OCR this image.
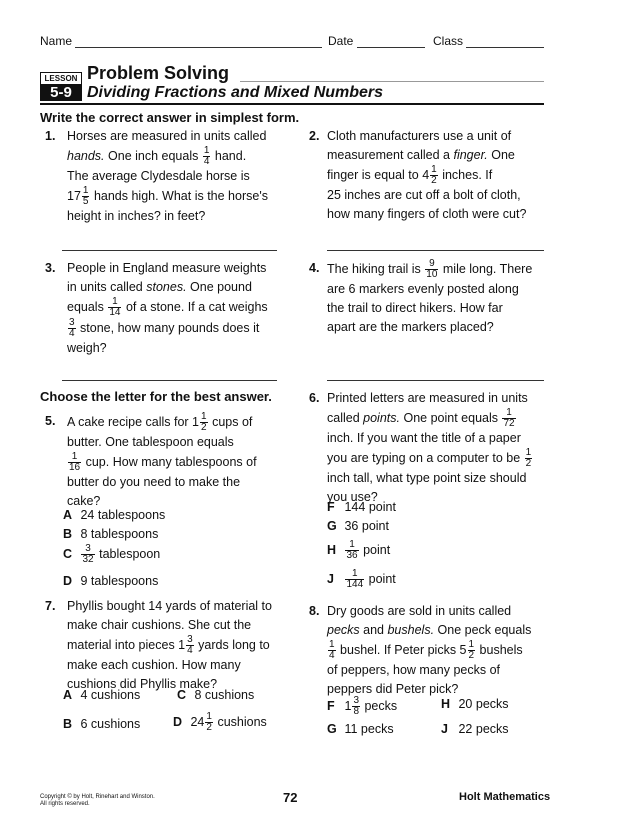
Name	Date	Class
LESSON
5-9
Problem Solving
Dividing Fractions and Mixed Numbers
Write the correct answer in simplest form.
1. Horses are measured in units called
hands. One inch equals $\frac{1}{4}$ hand.
The average Clydesdale horse is
$17 \frac{1}{5}$ hands high. What is the horse's
height in inches? in feet?
2. Cloth manufacturers use a unit of
measurement called a finger. One
finger is equal to $4 \frac{1}{2}$ inches. If
25 inches are cut off a bolt of cloth,
how many fingers of cloth were cut?
3. People in England measure weights
in units called stones. One pound
equals $\frac{1}{14}$ of a stone. If a cat weighs
$\frac{3}{4}$ stone, how many pounds does it
weigh?
4. The hiking trail is $\frac{9}{10}$ mile long. There
are 6 markers evenly posted along
the trail to direct hikers. How far
apart are the markers placed?
Choose the letter for the best answer.
5. A cake recipe calls for $1 \frac{1}{2}$ cups of
butter. One tablespoon equals
$\frac{1}{16}$ cup. How many tablespoons of
butter do you need to make the
cake?
A 24 tablespoons
B 8 tablespoons
C $\frac{3}{32}$ tablespoon
D 9 tablespoons
6. Printed letters are measured in units
called points. One point equals $\frac{1}{72}$
inch. If you want the title of a paper
you are typing on a computer to be $\frac{1}{2}$
inch tall, what type point size should
you use?
F 144 point
G 36 point
H $\frac{1}{36}$ point
J $\frac{1}{144}$ point
7. Phyllis bought 14 yards of material to
make chair cushions. She cut the
material into pieces $1 \frac{3}{4}$ yards long to
make each cushion. How many
cushions did Phyllis make?
A 4 cushions	C 8 cushions
B 6 cushions	D $24 \frac{1}{2}$ cushions
8. Dry goods are sold in units called
pecks and bushels. One peck equals
$\frac{1}{4}$ bushel. If Peter picks $5 \frac{1}{2}$ bushels
of peppers, how many pecks of
peppers did Peter pick?
F $1 \frac{3}{8}$ pecks	H 20 pecks
G 11 pecks	J 22 pecks
Copyright © by Holt, Rinehart and Winston.
All rights reserved.	72	Holt Mathematics
